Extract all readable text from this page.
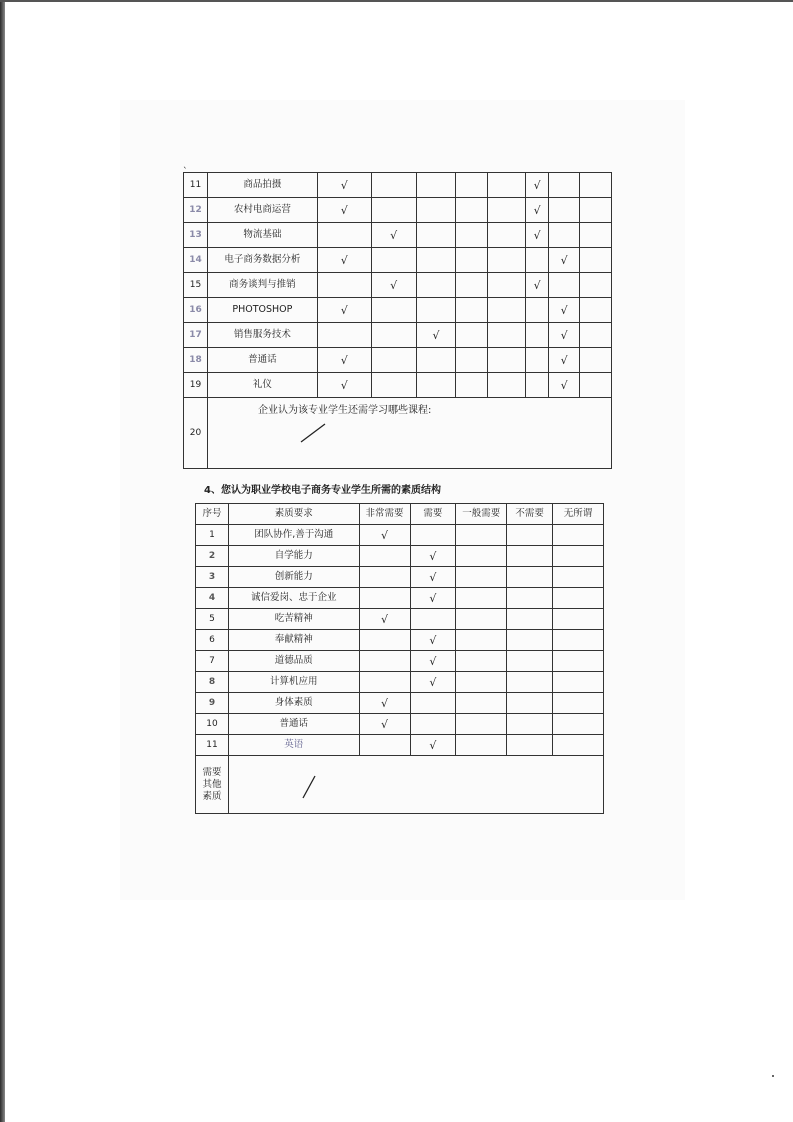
`
11	商品拍摄	√					√		
12	农村电商运营	√					√		
13	物流基础		√				√		
14	电子商务数据分析	√						√	
15	商务谈判与推销		√				√		
16	PHOTOSHOP	√						√	
17	销售服务技术			√				√	
18	普通话	√						√	
19	礼仪	√						√	
20	企业认为该专业学生还需学习哪些课程:								
4、您认为职业学校电子商务专业学生所需的素质结构
序号	素质要求	非常需要	需要	一般需要	不需要	无所谓
1	团队协作,善于沟通	√				
2	自学能力		√			
3	创新能力		√			
4	诚信爱岗、忠于企业		√			
5	吃苦精神	√				
6	奉献精神		√			
7	道德品质		√			
8	计算机应用		√			
9	身体素质	√				
10	普通话	√				
11	英语		√			

需要其他素质
